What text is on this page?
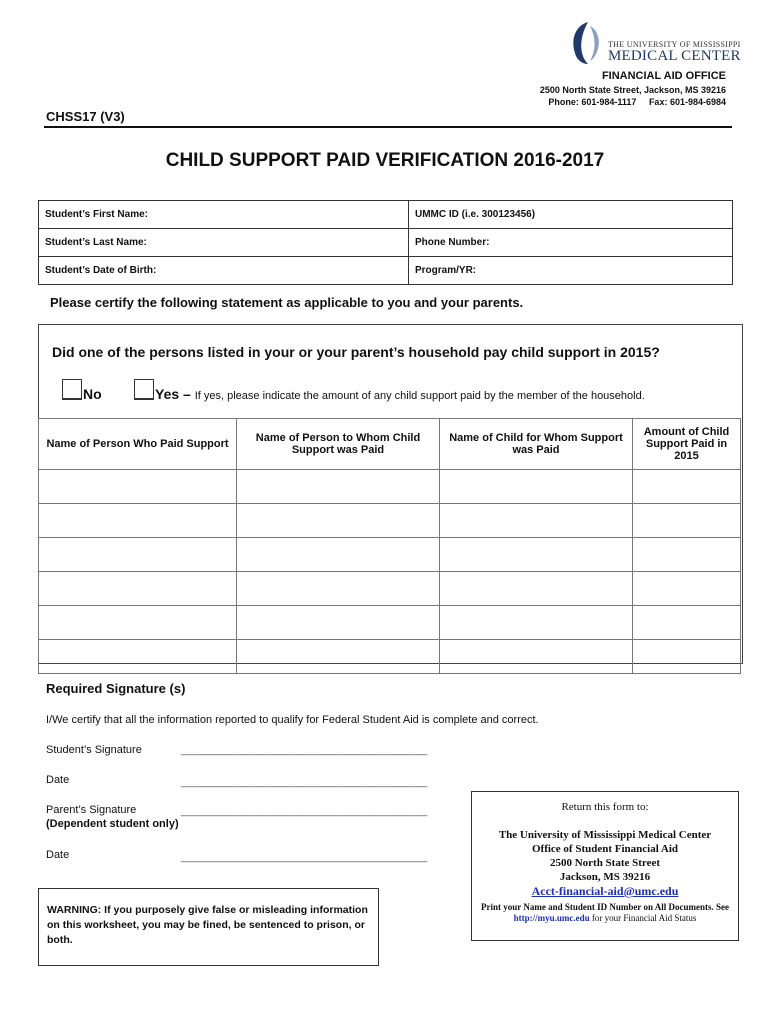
THE UNIVERSITY OF MISSISSIPPI
MEDICAL CENTER
FINANCIAL AID OFFICE
2500 North State Street, Jackson, MS 39216
Phone: 601-984-1117 Fax: 601-984-6984
CHSS17 (V3)
CHILD SUPPORT PAID VERIFICATION 2016-2017
Student’s First Name:	UMMC ID (i.e. 300123456)
Student’s Last Name:	Phone Number:
Student’s Date of Birth:	Program/YR:
Please certify the following statement as applicable to you and your parents.
Did one of the persons listed in your or your parent’s household pay child support in 2015?
No	Yes – If yes, please indicate the amount of any child support paid by the member of the household.
Name of Person Who Paid Support	Name of Person to Whom Child Support was Paid	Name of Child for Whom Support was Paid	Amount of Child Support Paid in 2015

Required Signature (s)
I/We certify that all the information reported to qualify for Federal Student Aid is complete and correct.
Student’s Signature	_______________________________________
Date	_______________________________________
Parent’s Signature	_______________________________________
(Dependent student only)
Date	_______________________________________
WARNING: If you purposely give false or misleading information on this worksheet, you may be fined, be sentenced to prison, or both.
Return this form to:
The University of Mississippi Medical Center
Office of Student Financial Aid
2500 North State Street
Jackson, MS 39216
Acct-financial-aid@umc.edu
Print your Name and Student ID Number on All Documents. See http://myu.umc.edu for your Financial Aid Status
